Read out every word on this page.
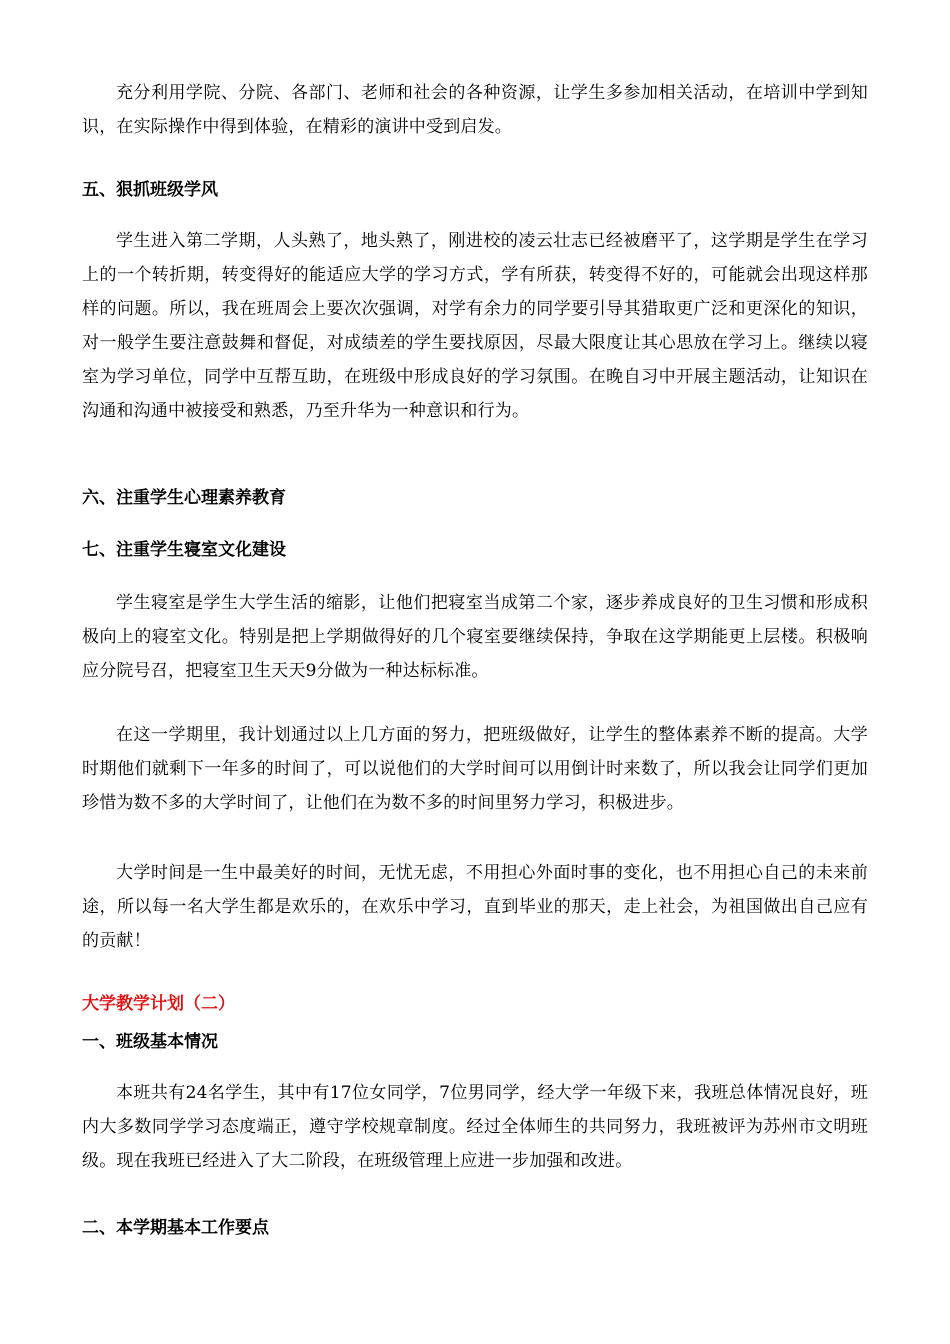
充分利用学院、分院、各部门、老师和社会的各种资源，让学生多参加相关活动，在培训中学到知识，在实际操作中得到体验，在精彩的演讲中受到启发。

五、狠抓班级学风

学生进入第二学期，人头熟了，地头熟了，刚进校的凌云壮志已经被磨平了，这学期是学生在学习上的一个转折期，转变得好的能适应大学的学习方式，学有所获，转变得不好的，可能就会出现这样那样的问题。所以，我在班周会上要次次强调，对学有余力的同学要引导其猎取更广泛和更深化的知识，对一般学生要注意鼓舞和督促，对成绩差的学生要找原因，尽最大限度让其心思放在学习上。继续以寝室为学习单位，同学中互帮互助，在班级中形成良好的学习氛围。在晚自习中开展主题活动，让知识在沟通和沟通中被接受和熟悉，乃至升华为一种意识和行为。

六、注重学生心理素养教育
七、注重学生寝室文化建设

学生寝室是学生大学生活的缩影，让他们把寝室当成第二个家，逐步养成良好的卫生习惯和形成积极向上的寝室文化。特别是把上学期做得好的几个寝室要继续保持，争取在这学期能更上层楼。积极响应分院号召，把寝室卫生天天9分做为一种达标标准。

在这一学期里，我计划通过以上几方面的努力，把班级做好，让学生的整体素养不断的提高。大学时期他们就剩下一年多的时间了，可以说他们的大学时间可以用倒计时来数了，所以我会让同学们更加珍惜为数不多的大学时间了，让他们在为数不多的时间里努力学习，积极进步。

大学时间是一生中最美好的时间，无忧无虑，不用担心外面时事的变化，也不用担心自己的未来前途，所以每一名大学生都是欢乐的，在欢乐中学习，直到毕业的那天，走上社会，为祖国做出自己应有的贡献！

大学教学计划（二）
一、班级基本情况

本班共有24名学生，其中有17位女同学，7位男同学，经大学一年级下来，我班总体情况良好，班内大多数同学学习态度端正，遵守学校规章制度。经过全体师生的共同努力，我班被评为苏州市文明班级。现在我班已经进入了大二阶段，在班级管理上应进一步加强和改进。

二、本学期基本工作要点
